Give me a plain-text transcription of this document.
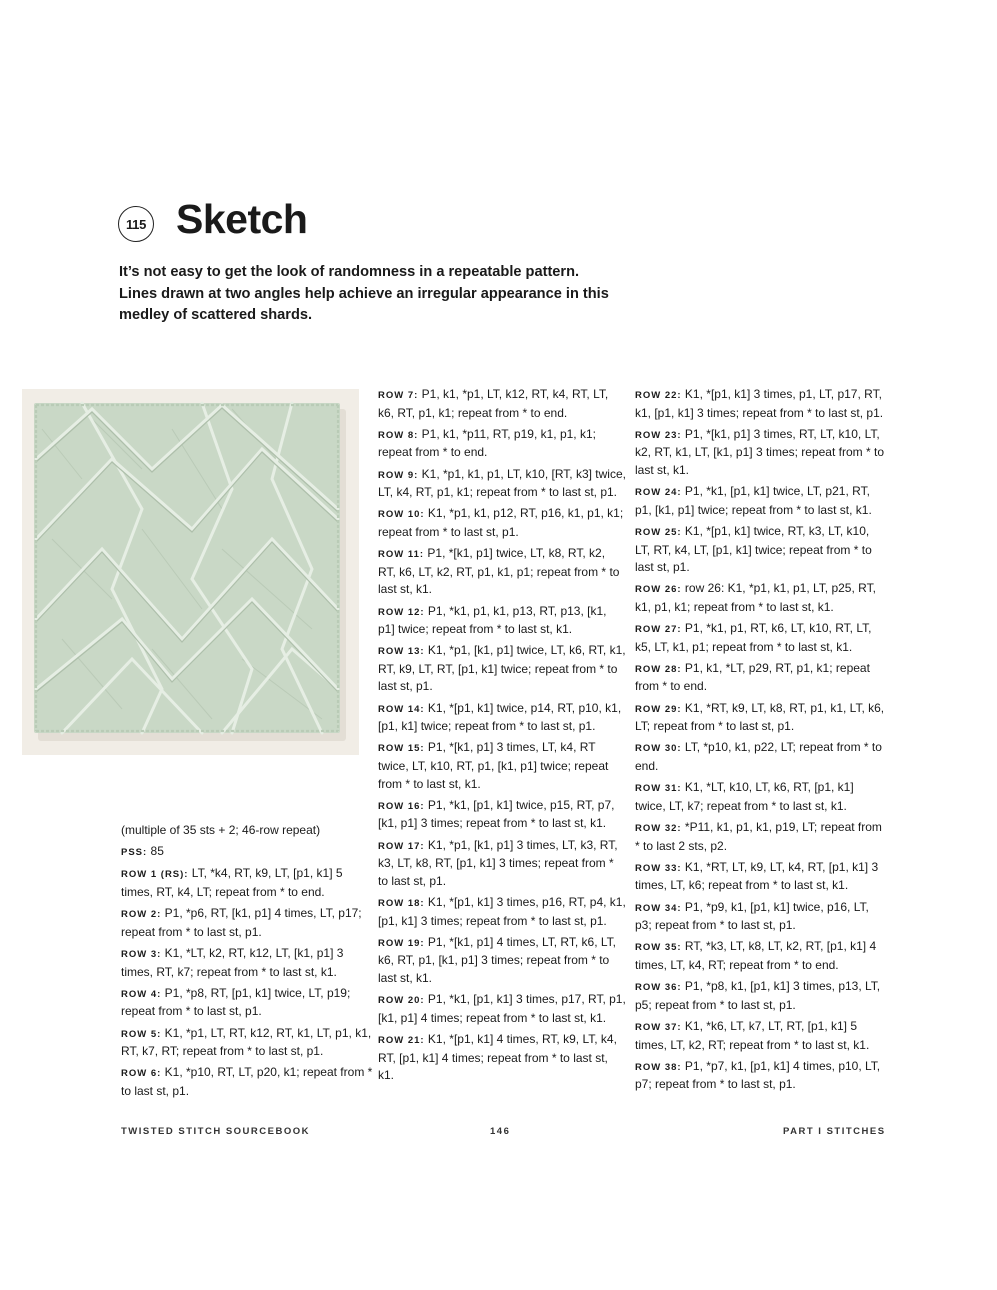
115 Sketch

It’s not easy to get the look of randomness in a repeatable pattern. Lines drawn at two angles help achieve an irregular appearance in this medley of scattered shards.

(multiple of 35 sts + 2; 46-row repeat)

PSS: 85

ROW 1 (RS): LT, *k4, RT, k9, LT, [p1, k1] 5 times, RT, k4, LT; repeat from * to end.

ROW 2: P1, *p6, RT, [k1, p1] 4 times, LT, p17; repeat from * to last st, p1.

ROW 3: K1, *LT, k2, RT, k12, LT, [k1, p1] 3 times, RT, k7; repeat from * to last st, k1.

ROW 4: P1, *p8, RT, [p1, k1] twice, LT, p19; repeat from * to last st, p1.

ROW 5: K1, *p1, LT, RT, k12, RT, k1, LT, p1, k1, RT, k7, RT; repeat from * to last st, p1.

ROW 6: K1, *p10, RT, LT, p20, k1; repeat from * to last st, p1.

ROW 7: P1, k1, *p1, LT, k12, RT, k4, RT, LT, k6, RT, p1, k1; repeat from * to end.

ROW 8: P1, k1, *p11, RT, p19, k1, p1, k1; repeat from * to end.

ROW 9: K1, *p1, k1, p1, LT, k10, [RT, k3] twice, LT, k4, RT, p1, k1; repeat from * to last st, p1.

ROW 10: K1, *p1, k1, p12, RT, p16, k1, p1, k1; repeat from * to last st, p1.

ROW 11: P1, *[k1, p1] twice, LT, k8, RT, k2, RT, k6, LT, k2, RT, p1, k1, p1; repeat from * to last st, k1.

ROW 12: P1, *k1, p1, k1, p13, RT, p13, [k1, p1] twice; repeat from * to last st, k1.

ROW 13: K1, *p1, [k1, p1] twice, LT, k6, RT, k1, RT, k9, LT, RT, [p1, k1] twice; repeat from * to last st, p1.

ROW 14: K1, *[p1, k1] twice, p14, RT, p10, k1, [p1, k1] twice; repeat from * to last st, p1.

ROW 15: P1, *[k1, p1] 3 times, LT, k4, RT twice, LT, k10, RT, p1, [k1, p1] twice; repeat from * to last st, k1.

ROW 16: P1, *k1, [p1, k1] twice, p15, RT, p7, [k1, p1] 3 times; repeat from * to last st, k1.

ROW 17: K1, *p1, [k1, p1] 3 times, LT, k3, RT, k3, LT, k8, RT, [p1, k1] 3 times; repeat from * to last st, p1.

ROW 18: K1, *[p1, k1] 3 times, p16, RT, p4, k1, [p1, k1] 3 times; repeat from * to last st, p1.

ROW 19: P1, *[k1, p1] 4 times, LT, RT, k6, LT, k6, RT, p1, [k1, p1] 3 times; repeat from * to last st, k1.

ROW 20: P1, *k1, [p1, k1] 3 times, p17, RT, p1, [k1, p1] 4 times; repeat from * to last st, k1.

ROW 21: K1, *[p1, k1] 4 times, RT, k9, LT, k4, RT, [p1, k1] 4 times; repeat from * to last st, k1.

ROW 22: K1, *[p1, k1] 3 times, p1, LT, p17, RT, k1, [p1, k1] 3 times; repeat from * to last st, p1.

ROW 23: P1, *[k1, p1] 3 times, RT, LT, k10, LT, k2, RT, k1, LT, [k1, p1] 3 times; repeat from * to last st, k1.

ROW 24: P1, *k1, [p1, k1] twice, LT, p21, RT, p1, [k1, p1] twice; repeat from * to last st, k1.

ROW 25: K1, *[p1, k1] twice, RT, k3, LT, k10, LT, RT, k4, LT, [p1, k1] twice; repeat from * to last st, p1.

ROW 26: row 26: K1, *p1, k1, p1, LT, p25, RT, k1, p1, k1; repeat from * to last st, k1.

ROW 27: P1, *k1, p1, RT, k6, LT, k10, RT, LT, k5, LT, k1, p1; repeat from * to last st, k1.

ROW 28: P1, k1, *LT, p29, RT, p1, k1; repeat from * to end.

ROW 29: K1, *RT, k9, LT, k8, RT, p1, k1, LT, k6, LT; repeat from * to last st, p1.

ROW 30: LT, *p10, k1, p22, LT; repeat from * to end.

ROW 31: K1, *LT, k10, LT, k6, RT, [p1, k1] twice, LT, k7; repeat from * to last st, k1.

ROW 32: *P11, k1, p1, k1, p19, LT; repeat from * to last 2 sts, p2.

ROW 33: K1, *RT, LT, k9, LT, k4, RT, [p1, k1] 3 times, LT, k6; repeat from * to last st, k1.

ROW 34: P1, *p9, k1, [p1, k1] twice, p16, LT, p3; repeat from * to last st, p1.

ROW 35: RT, *k3, LT, k8, LT, k2, RT, [p1, k1] 4 times, LT, k4, RT; repeat from * to end.

ROW 36: P1, *p8, k1, [p1, k1] 3 times, p13, LT, p5; repeat from * to last st, p1.

ROW 37: K1, *k6, LT, k7, LT, RT, [p1, k1] 5 times, LT, k2, RT; repeat from * to last st, k1.

ROW 38: P1, *p7, k1, [p1, k1] 4 times, p10, LT, p7; repeat from * to last st, p1.

TWISTED STITCH SOURCEBOOK	146	PART I STITCHES
